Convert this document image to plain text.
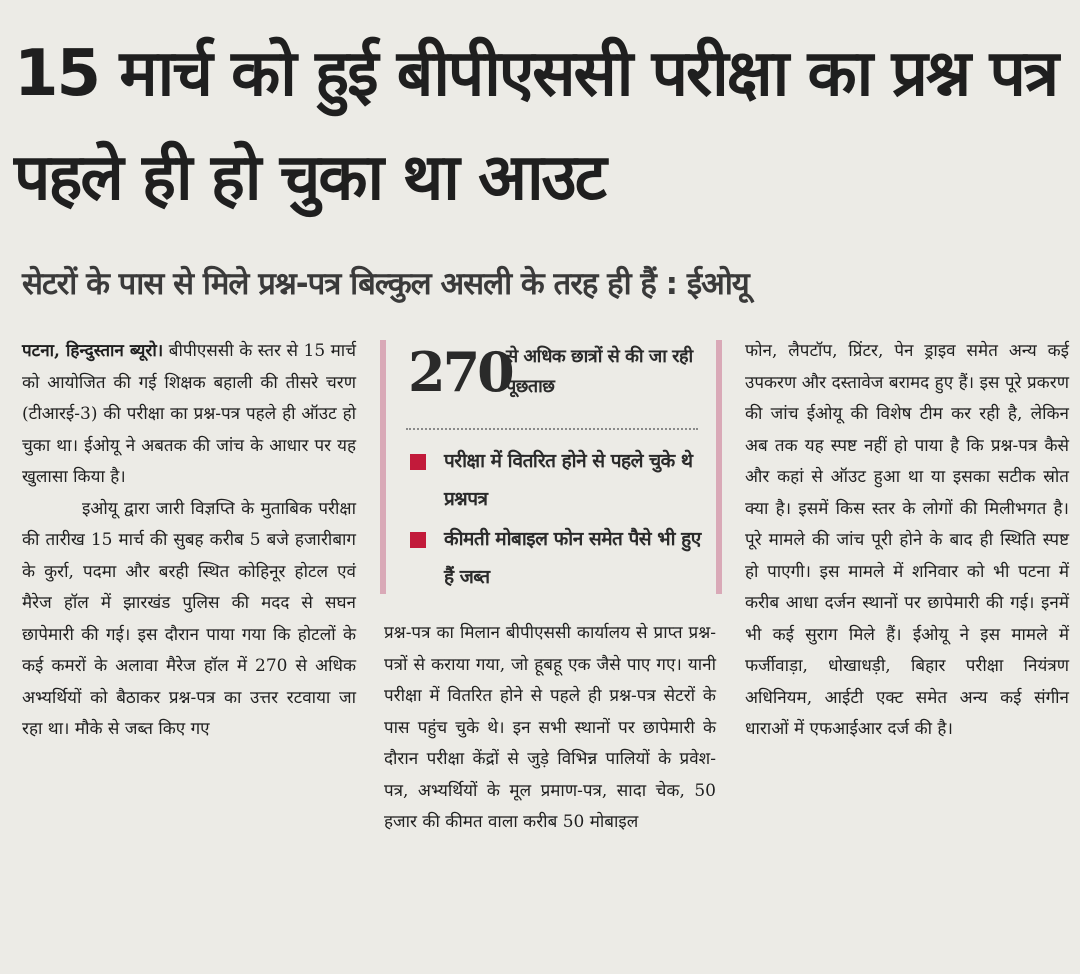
15 मार्च को हुई बीपीएससी परीक्षा का प्रश्न पत्र पहले ही हो चुका था आउट
सेटरों के पास से मिले प्रश्न-पत्र बिल्कुल असली के तरह ही हैं : ईओयू

पटना, हिन्दुस्तान ब्यूरो। बीपीएससी के स्तर से 15 मार्च को आयोजित की गई शिक्षक बहाली की तीसरे चरण (टीआरई-3) की परीक्षा का प्रश्न-पत्र पहले ही ऑउट हो चुका था। ईओयू ने अबतक की जांच के आधार पर यह खुलासा किया है।

इओयू द्वारा जारी विज्ञप्ति के मुताबिक परीक्षा की तारीख 15 मार्च की सुबह करीब 5 बजे हजारीबाग के कुर्रा, पदमा और बरही स्थित कोहिनूर होटल एवं मैरेज हॉल में झारखंड पुलिस की मदद से सघन छापेमारी की गई। इस दौरान पाया गया कि होटलों के कई कमरों के अलावा मैरेज हॉल में 270 से अधिक अभ्यर्थियों को बैठाकर प्रश्न-पत्र का उत्तर रटवाया जा रहा था। मौके से जब्त किए गए

270
से अधिक छात्रों से की जा रही पूछताछ
परीक्षा में वितरित होने से पहले चुके थे प्रश्नपत्र
कीमती मोबाइल फोन समेत पैसे भी हुए हैं जब्त

प्रश्न-पत्र का मिलान बीपीएससी कार्यालय से प्राप्त प्रश्न-पत्रों से कराया गया, जो हूबहू एक जैसे पाए गए। यानी परीक्षा में वितरित होने से पहले ही प्रश्न-पत्र सेटरों के पास पहुंच चुके थे। इन सभी स्थानों पर छापेमारी के दौरान परीक्षा केंद्रों से जुड़े विभिन्न पालियों के प्रवेश-पत्र, अभ्यर्थियों के मूल प्रमाण-पत्र, सादा चेक, 50 हजार की कीमत वाला करीब 50 मोबाइल

फोन, लैपटॉप, प्रिंटर, पेन ड्राइव समेत अन्य कई उपकरण और दस्तावेज बरामद हुए हैं। इस पूरे प्रकरण की जांच ईओयू की विशेष टीम कर रही है, लेकिन अब तक यह स्पष्ट नहीं हो पाया है कि प्रश्न-पत्र कैसे और कहां से ऑउट हुआ था या इसका सटीक स्रोत क्या है। इसमें किस स्तर के लोगों की मिलीभगत है। पूरे मामले की जांच पूरी होने के बाद ही स्थिति स्पष्ट हो पाएगी। इस मामले में शनिवार को भी पटना में करीब आधा दर्जन स्थानों पर छापेमारी की गई। इनमें भी कई सुराग मिले हैं। ईओयू ने इस मामले में फर्जीवाड़ा, धोखाधड़ी, बिहार परीक्षा नियंत्रण अधिनियम, आईटी एक्ट समेत अन्य कई संगीन धाराओं में एफआईआर दर्ज की है।
